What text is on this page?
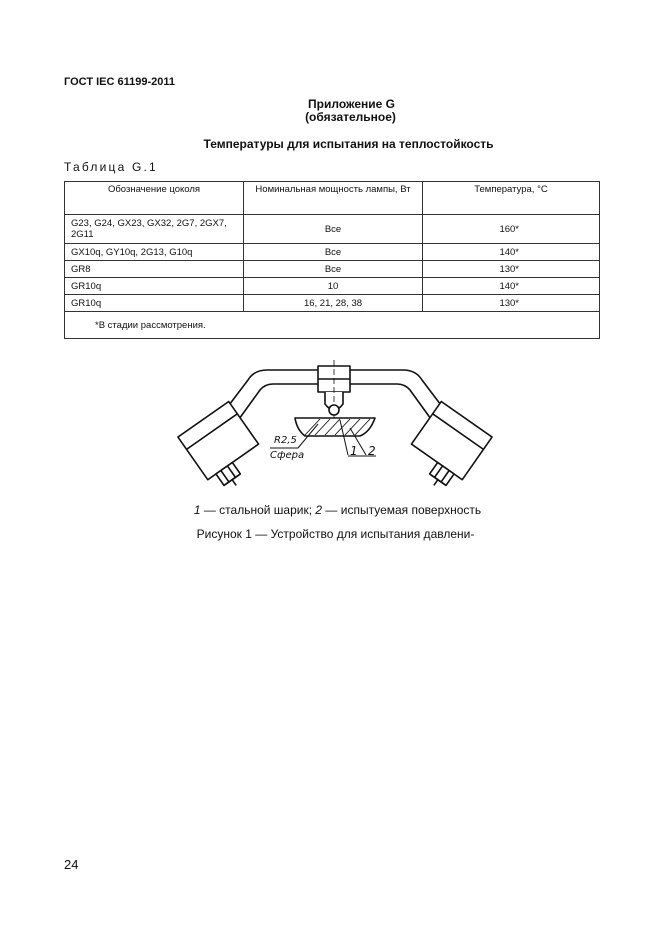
ГОСТ IEC 61199-2011
Приложение G
(обязательное)
Температуры для испытания на теплостойкость
Таблица G.1
Обозначение цоколя	Номинальная мощность лампы, Вт	Температура, °С
G23, G24, GX23, GX32, 2G7, 2GX7, 2G11	Все	160*
GX10q, GY10q, 2G13, G10q	Все	140*
GR8	Все	130*
GR10q	10	140*
GR10q	16, 21, 28, 38	130*
*В стадии рассмотрения.		
R2,5
Сфера	1 2
1 — стальной шарик; 2 — испытуемая поверхность
Рисунок 1 — Устройство для испытания давлени-
24
